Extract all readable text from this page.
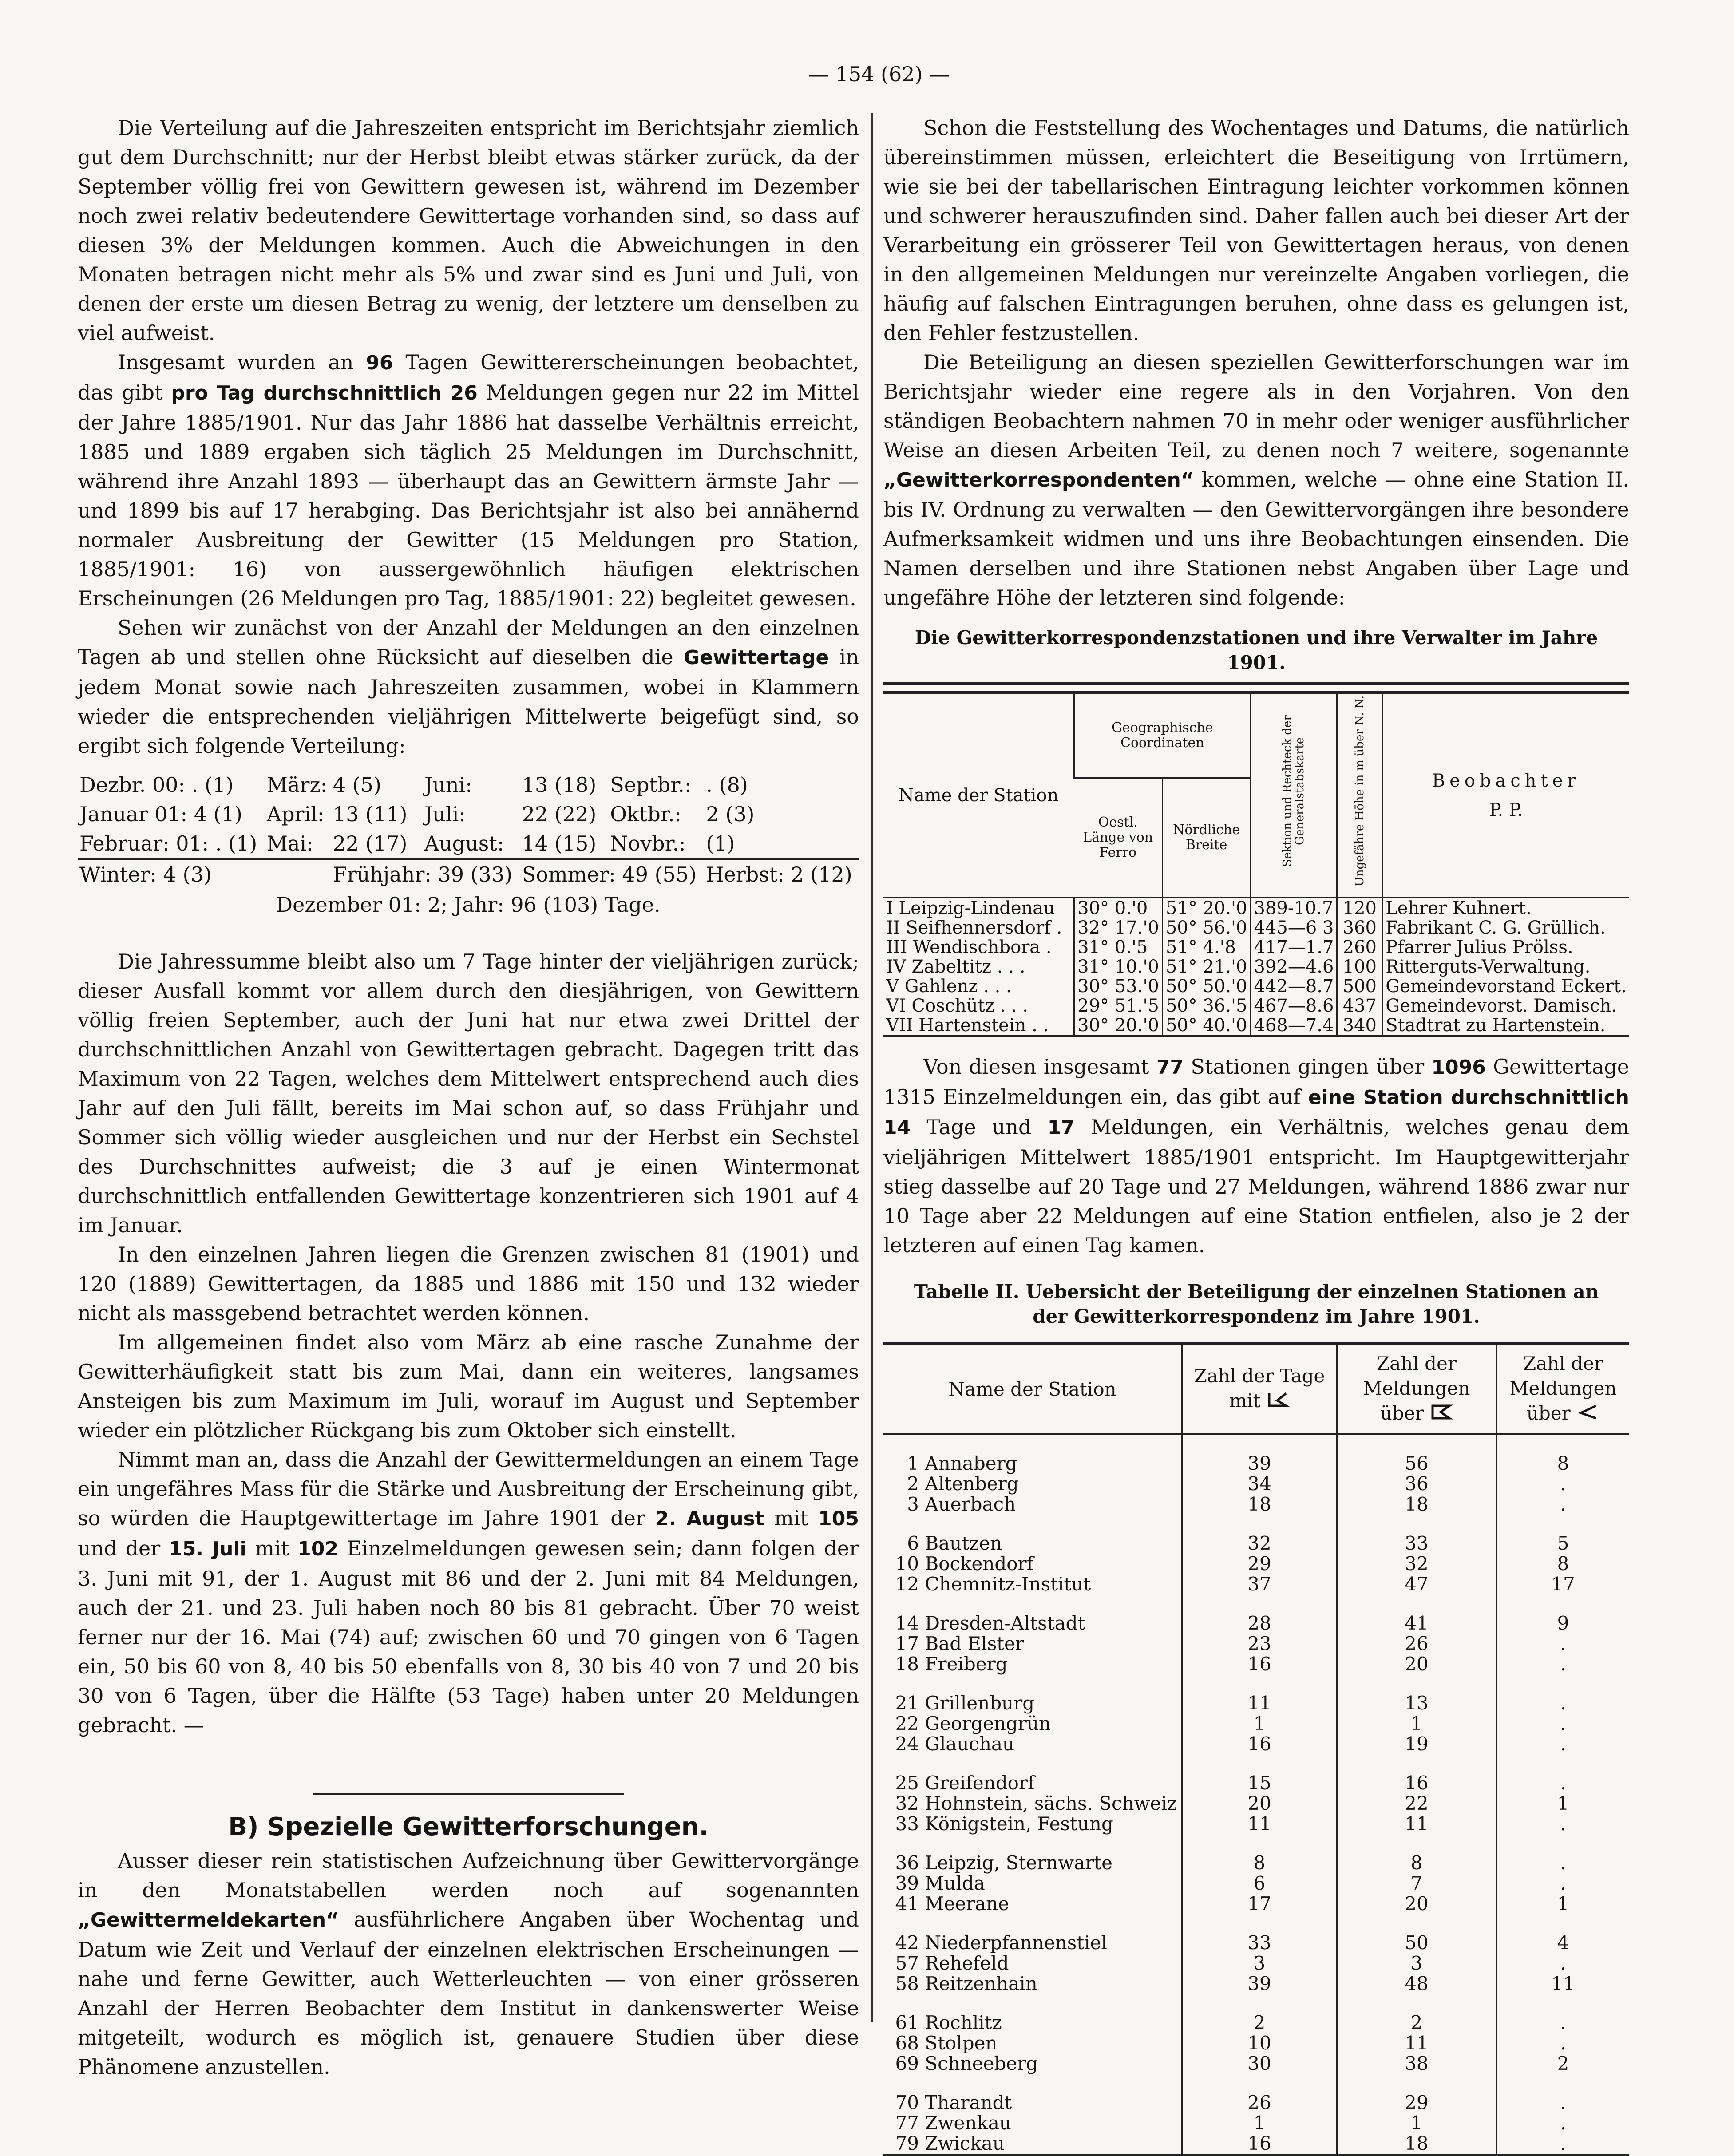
— 154 (62) —

Die Verteilung auf die Jahreszeiten entspricht im Berichtsjahr ziemlich gut dem Durchschnitt; nur der Herbst bleibt etwas stärker zurück, da der September völlig frei von Gewittern gewesen ist, während im Dezember noch zwei relativ bedeutendere Gewittertage vorhanden sind, so dass auf diesen 3% der Meldungen kommen. Auch die Abweichungen in den Monaten betragen nicht mehr als 5% und zwar sind es Juni und Juli, von denen der erste um diesen Betrag zu wenig, der letztere um denselben zu viel aufweist.

Insgesamt wurden an 96 Tagen Gewittererscheinungen beobachtet, das gibt pro Tag durchschnittlich 26 Meldungen gegen nur 22 im Mittel der Jahre 1885/1901. Nur das Jahr 1886 hat dasselbe Verhältnis erreicht, 1885 und 1889 ergaben sich täglich 25 Meldungen im Durchschnitt, während ihre Anzahl 1893 — überhaupt das an Gewittern ärmste Jahr — und 1899 bis auf 17 herabging. Das Berichtsjahr ist also bei annähernd normaler Ausbreitung der Gewitter (15 Meldungen pro Station, 1885/1901: 16) von aussergewöhnlich häufigen elektrischen Erscheinungen (26 Meldungen pro Tag, 1885/1901: 22) begleitet gewesen.

Sehen wir zunächst von der Anzahl der Meldungen an den einzelnen Tagen ab und stellen ohne Rücksicht auf dieselben die Gewittertage in jedem Monat sowie nach Jahreszeiten zusammen, wobei in Klammern wieder die entsprechenden vieljährigen Mittelwerte beigefügt sind, so ergibt sich folgende Verteilung:

Dezbr. 00: . (1)	März:	4 (5)	Juni:	13 (18)	Septbr.:	. (8)
Januar 01: 4 (1)	April:	13 (11)	Juli:	22 (22)	Oktbr.:	2 (3)
Februar: 01: . (1)	Mai:	22 (17)	August:	14 (15)	Novbr.:	(1)
Winter: 4 (3)		Frühjahr: 39 (33)		Sommer: 49 (55)		Herbst: 2 (12)
Dezember 01: 2; Jahr: 96 (103) Tage.						

Die Jahressumme bleibt also um 7 Tage hinter der vieljährigen zurück; dieser Ausfall kommt vor allem durch den diesjährigen, von Gewittern völlig freien September, auch der Juni hat nur etwa zwei Drittel der durchschnittlichen Anzahl von Gewittertagen gebracht. Dagegen tritt das Maximum von 22 Tagen, welches dem Mittelwert entsprechend auch dies Jahr auf den Juli fällt, bereits im Mai schon auf, so dass Frühjahr und Sommer sich völlig wieder ausgleichen und nur der Herbst ein Sechstel des Durchschnittes aufweist; die 3 auf je einen Wintermonat durchschnittlich entfallenden Gewittertage konzentrieren sich 1901 auf 4 im Januar.

In den einzelnen Jahren liegen die Grenzen zwischen 81 (1901) und 120 (1889) Gewittertagen, da 1885 und 1886 mit 150 und 132 wieder nicht als massgebend betrachtet werden können.

Im allgemeinen findet also vom März ab eine rasche Zunahme der Gewitterhäufigkeit statt bis zum Mai, dann ein weiteres, langsames Ansteigen bis zum Maximum im Juli, worauf im August und September wieder ein plötzlicher Rückgang bis zum Oktober sich einstellt.

Nimmt man an, dass die Anzahl der Gewittermeldungen an einem Tage ein ungefähres Mass für die Stärke und Ausbreitung der Erscheinung gibt, so würden die Hauptgewittertage im Jahre 1901 der 2. August mit 105 und der 15. Juli mit 102 Einzelmeldungen gewesen sein; dann folgen der 3. Juni mit 91, der 1. August mit 86 und der 2. Juni mit 84 Meldungen, auch der 21. und 23. Juli haben noch 80 bis 81 gebracht. Über 70 weist ferner nur der 16. Mai (74) auf; zwischen 60 und 70 gingen von 6 Tagen ein, 50 bis 60 von 8, 40 bis 50 ebenfalls von 8, 30 bis 40 von 7 und 20 bis 30 von 6 Tagen, über die Hälfte (53 Tage) haben unter 20 Meldungen gebracht. —

B) Spezielle Gewitterforschungen.

Ausser dieser rein statistischen Aufzeichnung über Gewittervorgänge in den Monatstabellen werden noch auf sogenannten „Gewittermeldekarten“ ausführlichere Angaben über Wochentag und Datum wie Zeit und Verlauf der einzelnen elektrischen Erscheinungen — nahe und ferne Gewitter, auch Wetterleuchten — von einer grösseren Anzahl der Herren Beobachter dem Institut in dankenswerter Weise mitgeteilt, wodurch es möglich ist, genauere Studien über diese Phänomene anzustellen.

Schon die Feststellung des Wochentages und Datums, die natürlich übereinstimmen müssen, erleichtert die Beseitigung von Irrtümern, wie sie bei der tabellarischen Eintragung leichter vorkommen können und schwerer herauszufinden sind. Daher fallen auch bei dieser Art der Verarbeitung ein grösserer Teil von Gewittertagen heraus, von denen in den allgemeinen Meldungen nur vereinzelte Angaben vorliegen, die häufig auf falschen Eintragungen beruhen, ohne dass es gelungen ist, den Fehler festzustellen.

Die Beteiligung an diesen speziellen Gewitterforschungen war im Berichtsjahr wieder eine regere als in den Vorjahren. Von den ständigen Beobachtern nahmen 70 in mehr oder weniger ausführlicher Weise an diesen Arbeiten Teil, zu denen noch 7 weitere, sogenannte „Gewitterkorrespondenten“ kommen, welche — ohne eine Station II. bis IV. Ordnung zu verwalten — den Gewittervorgängen ihre besondere Aufmerksamkeit widmen und uns ihre Beobachtungen einsenden. Die Namen derselben und ihre Stationen nebst Angaben über Lage und ungefähre Höhe der letzteren sind folgende:

Die Gewitterkorrespondenzstationen und ihre Verwalter im Jahre 1901.
Name der Station	Geographische Coordinaten		Sektion und Rechteck der Generalstabskarte	Ungefähre Höhe in m über N. N.	Beobachter
P. P.

	Oestl. Länge von Ferro	Nördliche Breite			
I Leipzig-Lindenau	30° 0.'0	51° 20.'0	389-10.7	120	Lehrer Kuhnert.
II Seifhennersdorf .	32° 17.'0	50° 56.'0	445—6 3	360	Fabrikant C. G. Grüllich.
III Wendischbora .	31° 0.'5	51° 4.'8	417—1.7	260	Pfarrer Julius Prölss.
IV Zabeltitz . . .	31° 10.'0	51° 21.'0	392—4.6	100	Ritterguts-Verwaltung.
V Gahlenz . . .	30° 53.'0	50° 50.'0	442—8.7	500	Gemeindevorstand Eckert.
VI Coschütz . . .	29° 51.'5	50° 36.'5	467—8.6	437	Gemeindevorst. Damisch.
VII Hartenstein . .	30° 20.'0	50° 40.'0	468—7.4	340	Stadtrat zu Hartenstein.

Von diesen insgesamt 77 Stationen gingen über 1096 Gewittertage 1315 Einzelmeldungen ein, das gibt auf eine Station durchschnittlich 14 Tage und 17 Meldungen, ein Verhältnis, welches genau dem vieljährigen Mittelwert 1885/1901 entspricht. Im Hauptgewitterjahr stieg dasselbe auf 20 Tage und 27 Meldungen, während 1886 zwar nur 10 Tage aber 22 Meldungen auf eine Station entfielen, also je 2 der letzteren auf einen Tag kamen.

Tabelle II. Uebersicht der Beteiligung der einzelnen Stationen an der Gewitterkorrespondenz im Jahre 1901.
Name der Station	Zahl der Tage mit	Zahl der Meldungen über	Zahl der Meldungen über

1 Annaberg	39	56	8
2 Altenberg	34	36	.
3 Auerbach	18	18	.

6 Bautzen	32	33	5
10 Bockendorf	29	32	8
12 Chemnitz-Institut	37	47	17

14 Dresden-Altstadt	28	41	9
17 Bad Elster	23	26	.
18 Freiberg	16	20	.

21 Grillenburg	11	13	.
22 Georgengrün	1	1	.
24 Glauchau	16	19	.

25 Greifendorf	15	16	.
32 Hohnstein, sächs. Schweiz	20	22	1
33 Königstein, Festung	11	11	.

36 Leipzig, Sternwarte	8	8	.
39 Mulda	6	7	.
41 Meerane	17	20	1

42 Niederpfannenstiel	33	50	4
57 Rehefeld	3	3	.
58 Reitzenhain	39	48	11

61 Rochlitz	2	2	.
68 Stolpen	10	11	.
69 Schneeberg	30	38	2

70 Tharandt	26	29	.
77 Zwenkau	1	1	.
79 Zwickau	16	18	.
